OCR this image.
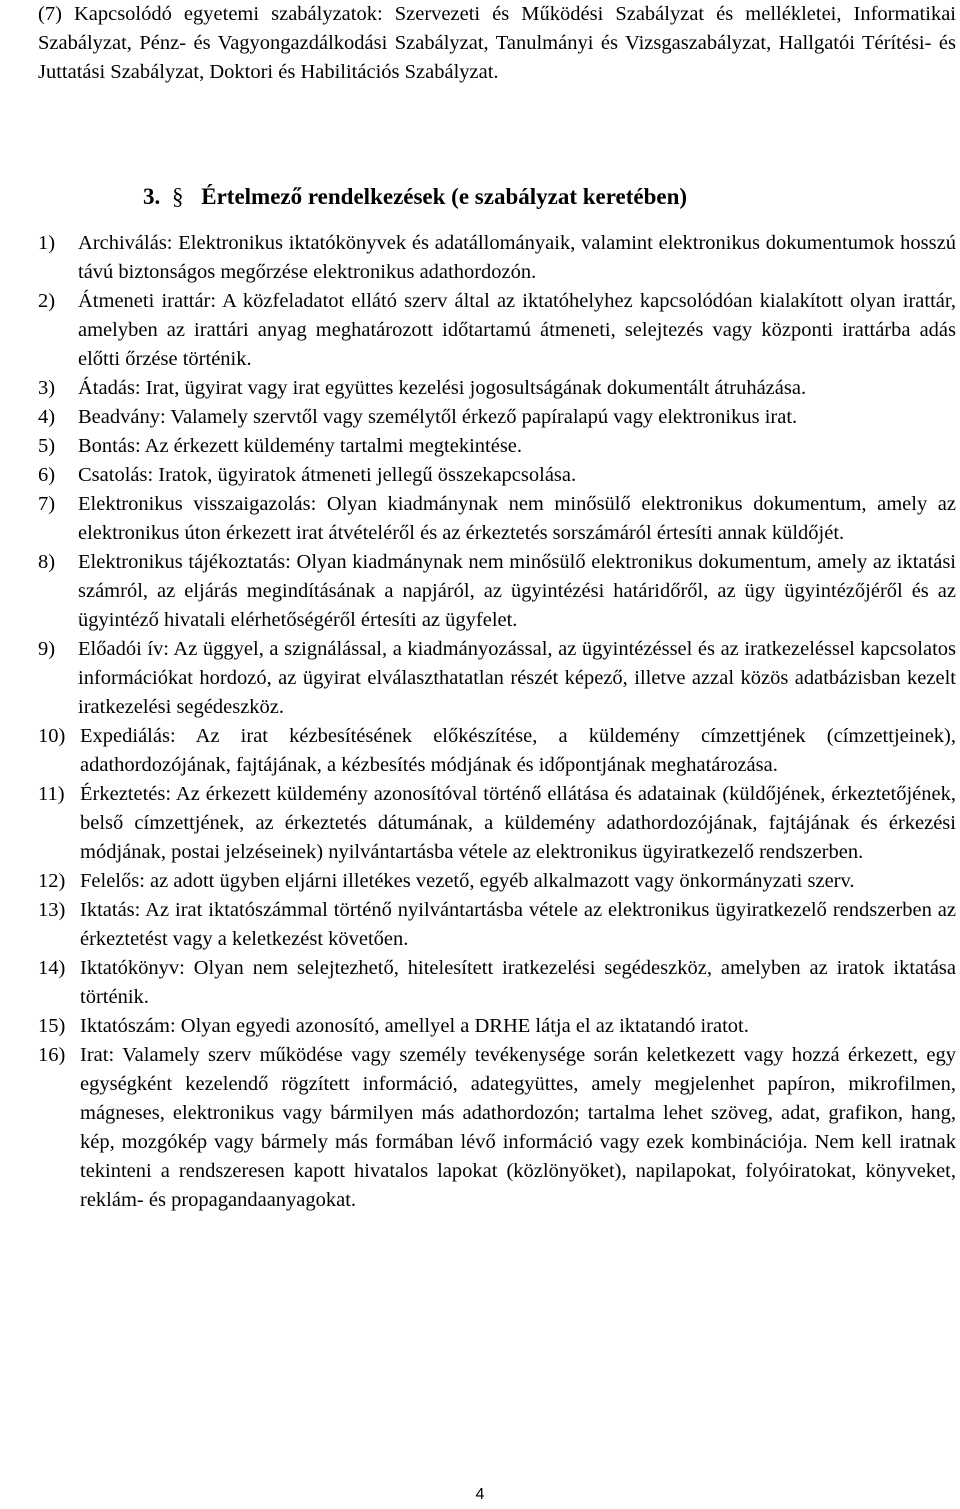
(7) Kapcsolódó egyetemi szabályzatok: Szervezeti és Működési Szabályzat és mellékletei, Informatikai Szabályzat, Pénz- és Vagyongazdálkodási Szabályzat, Tanulmányi és Vizsgaszabályzat, Hallgatói Térítési- és Juttatási Szabályzat, Doktori és Habilitációs Szabályzat.
3. § Értelmező rendelkezések (e szabályzat keretében)
1) Archiválás: Elektronikus iktatókönyvek és adatállományaik, valamint elektronikus dokumentumok hosszú távú biztonságos megőrzése elektronikus adathordozón.
2) Átmeneti irattár: A közfeladatot ellátó szerv által az iktatóhelyhez kapcsolódóan kialakított olyan irattár, amelyben az irattári anyag meghatározott időtartamú átmeneti, selejtezés vagy központi irattárba adás előtti őrzése történik.
3) Átadás: Irat, ügyirat vagy irat együttes kezelési jogosultságának dokumentált átruházása.
4) Beadvány: Valamely szervtől vagy személytől érkező papíralapú vagy elektronikus irat.
5) Bontás: Az érkezett küldemény tartalmi megtekintése.
6) Csatolás: Iratok, ügyiratok átmeneti jellegű összekapcsolása.
7) Elektronikus visszaigazolás: Olyan kiadmánynak nem minősülő elektronikus dokumentum, amely az elektronikus úton érkezett irat átvételéről és az érkeztetés sorszámáról értesíti annak küldőjét.
8) Elektronikus tájékoztatás: Olyan kiadmánynak nem minősülő elektronikus dokumentum, amely az iktatási számról, az eljárás megindításának a napjáról, az ügyintézési határidőről, az ügy ügyintézőjéről és az ügyintéző hivatali elérhetőségéről értesíti az ügyfelet.
9) Előadói ív: Az üggyel, a szignálással, a kiadmányozással, az ügyintézéssel és az iratkezeléssel kapcsolatos információkat hordozó, az ügyirat elválaszthatatlan részét képező, illetve azzal közös adatbázisban kezelt iratkezelési segédeszköz.
10) Expediálás: Az irat kézbesítésének előkészítése, a küldemény címzettjének (címzettjeinek), adathordozójának, fajtájának, a kézbesítés módjának és időpontjának meghatározása.
11) Érkeztetés: Az érkezett küldemény azonosítóval történő ellátása és adatainak (küldőjének, érkeztetőjének, belső címzettjének, az érkeztetés dátumának, a küldemény adathordozójának, fajtájának és érkezési módjának, postai jelzéseinek) nyilvántartásba vétele az elektronikus ügyiratkezelő rendszerben.
12) Felelős: az adott ügyben eljárni illetékes vezető, egyéb alkalmazott vagy önkormányzati szerv.
13) Iktatás: Az irat iktatószámmal történő nyilvántartásba vétele az elektronikus ügyiratkezelő rendszerben az érkeztetést vagy a keletkezést követően.
14) Iktatókönyv: Olyan nem selejtezhető, hitelesített iratkezelési segédeszköz, amelyben az iratok iktatása történik.
15) Iktatószám: Olyan egyedi azonosító, amellyel a DRHE látja el az iktatandó iratot.
16) Irat: Valamely szerv működése vagy személy tevékenysége során keletkezett vagy hozzá érkezett, egy egységként kezelendő rögzített információ, adategyüttes, amely megjelenhet papíron, mikrofilmen, mágneses, elektronikus vagy bármilyen más adathordozón; tartalma lehet szöveg, adat, grafikon, hang, kép, mozgókép vagy bármely más formában lévő információ vagy ezek kombinációja. Nem kell iratnak tekinteni a rendszeresen kapott hivatalos lapokat (közlönyöket), napilapokat, folyóiratokat, könyveket, reklám- és propagandaanyagokat.
4
